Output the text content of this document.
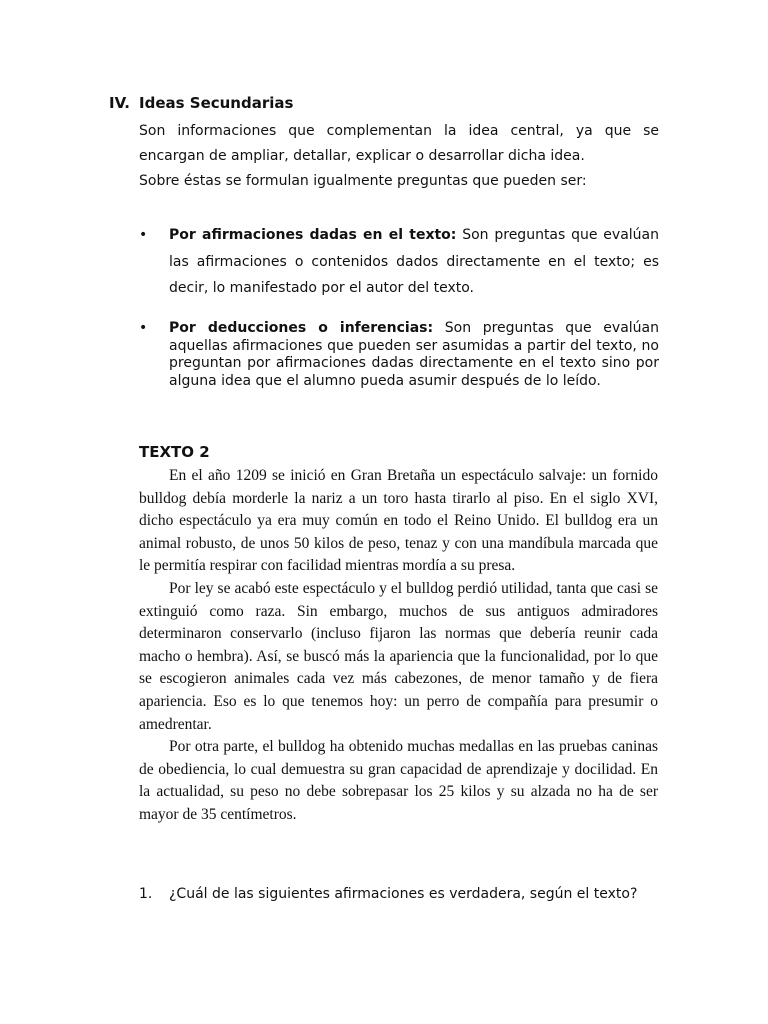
IV. Ideas Secundarias

Son informaciones que complementan la idea central, ya que se encargan de ampliar, detallar, explicar o desarrollar dicha idea.

Sobre éstas se formulan igualmente preguntas que pueden ser:

•	Por afirmaciones dadas en el texto: Son preguntas que evalúan las afirmaciones o contenidos dados directamente en el texto; es decir, lo manifestado por el autor del texto.
•	Por deducciones o inferencias: Son preguntas que evalúan aquellas afirmaciones que pueden ser asumidas a partir del texto, no preguntan por afirmaciones dadas directamente en el texto sino por alguna idea que el alumno pueda asumir después de lo leído.
TEXTO 2

En el año 1209 se inició en Gran Bretaña un espectáculo salvaje: un fornido bulldog debía morderle la nariz a un toro hasta tirarlo al piso. En el siglo XVI, dicho espectáculo ya era muy común en todo el Reino Unido. El bulldog era un animal robusto, de unos 50 kilos de peso, tenaz y con una mandíbula marcada que le permitía respirar con facilidad mientras mordía a su presa.

Por ley se acabó este espectáculo y el bulldog perdió utilidad, tanta que casi se extinguió como raza. Sin embargo, muchos de sus antiguos admiradores determinaron conservarlo (incluso fijaron las normas que debería reunir cada macho o hembra). Así, se buscó más la apariencia que la funcionalidad, por lo que se escogieron animales cada vez más cabezones, de menor tamaño y de fiera apariencia. Eso es lo que tenemos hoy: un perro de compañía para presumir o amedrentar.

Por otra parte, el bulldog ha obtenido muchas medallas en las pruebas caninas de obediencia, lo cual demuestra su gran capacidad de aprendizaje y docilidad. En la actualidad, su peso no debe sobrepasar los 25 kilos y su alzada no ha de ser mayor de 35 centímetros.

1. ¿Cuál de las siguientes afirmaciones es verdadera, según el texto?
